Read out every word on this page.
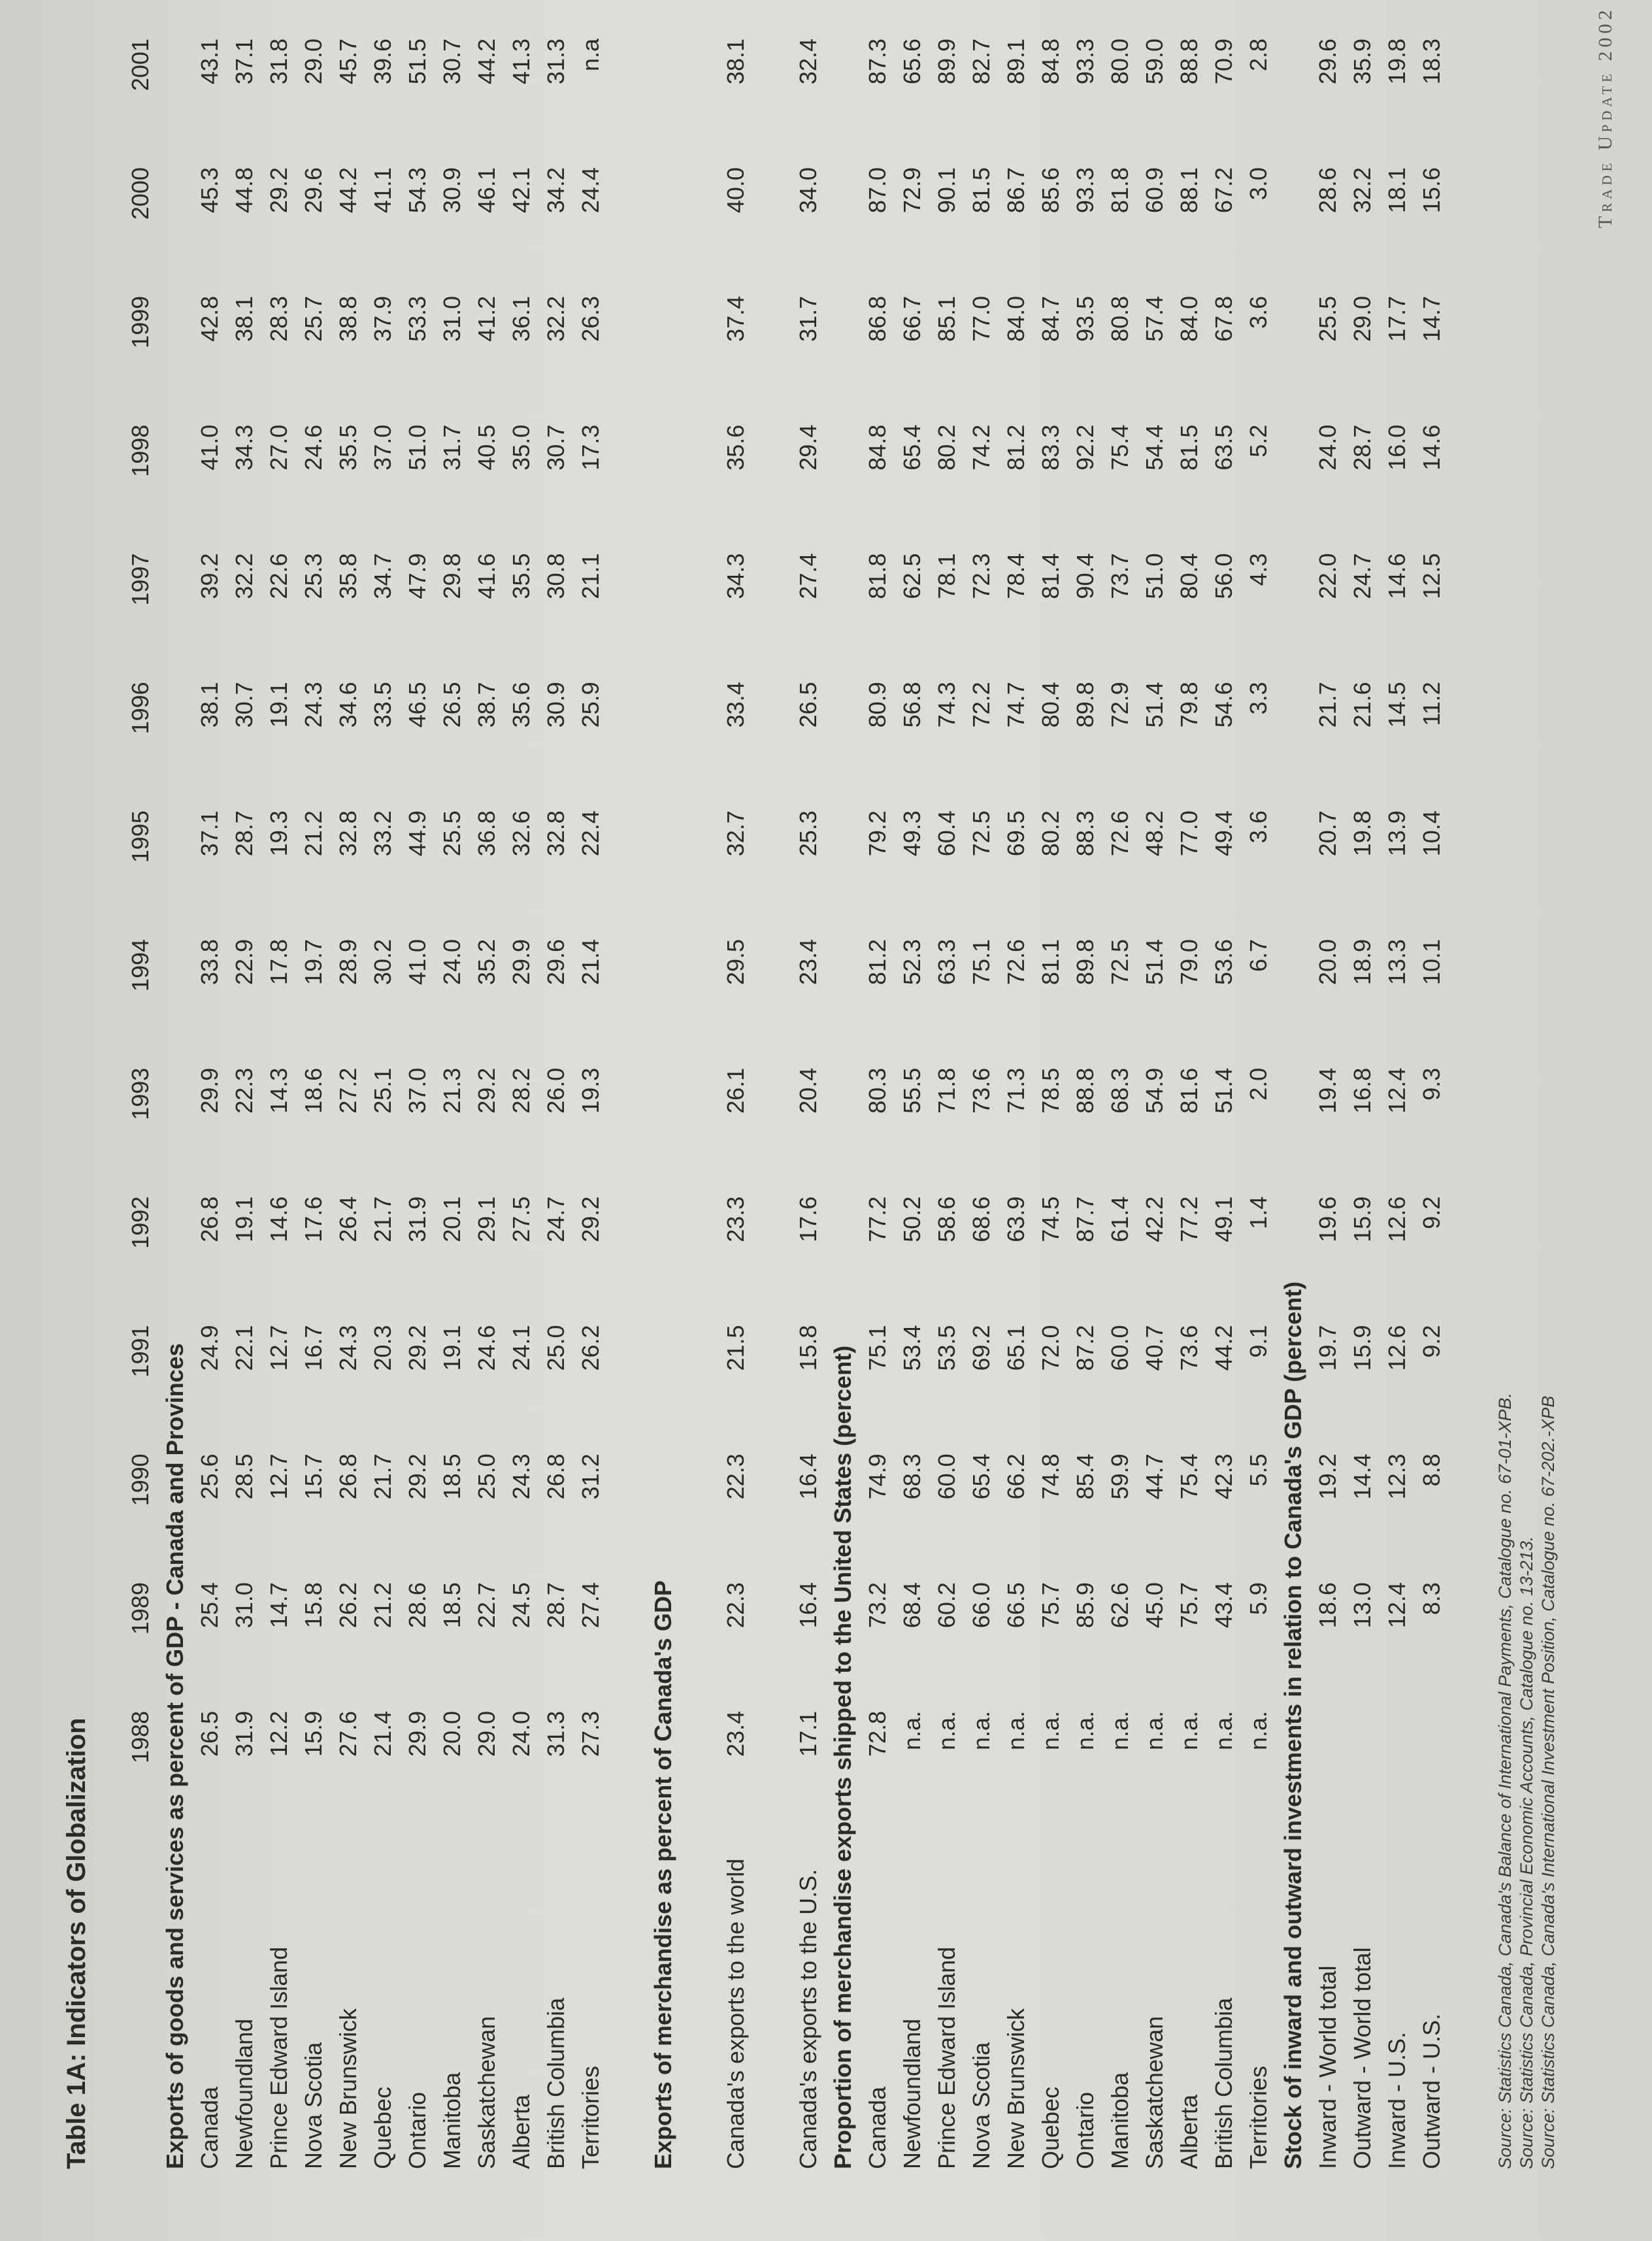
Trade Update 2002
Table 1A: Indicators of Globalization
	1988	1989	1990	1991	1992	1993	1994	1995	1996	1997	1998	1999	2000	2001
Exports of goods and services as percent of GDP - Canada and Provinces														
Canada	26.5	25.4	25.6	24.9	26.8	29.9	33.8	37.1	38.1	39.2	41.0	42.8	45.3	43.1
Newfoundland	31.9	31.0	28.5	22.1	19.1	22.3	22.9	28.7	30.7	32.2	34.3	38.1	44.8	37.1
Prince Edward Island	12.2	14.7	12.7	12.7	14.6	14.3	17.8	19.3	19.1	22.6	27.0	28.3	29.2	31.8
Nova Scotia	15.9	15.8	15.7	16.7	17.6	18.6	19.7	21.2	24.3	25.3	24.6	25.7	29.6	29.0
New Brunswick	27.6	26.2	26.8	24.3	26.4	27.2	28.9	32.8	34.6	35.8	35.5	38.8	44.2	45.7
Quebec	21.4	21.2	21.7	20.3	21.7	25.1	30.2	33.2	33.5	34.7	37.0	37.9	41.1	39.6
Ontario	29.9	28.6	29.2	29.2	31.9	37.0	41.0	44.9	46.5	47.9	51.0	53.3	54.3	51.5
Manitoba	20.0	18.5	18.5	19.1	20.1	21.3	24.0	25.5	26.5	29.8	31.7	31.0	30.9	30.7
Saskatchewan	29.0	22.7	25.0	24.6	29.1	29.2	35.2	36.8	38.7	41.6	40.5	41.2	46.1	44.2
Alberta	24.0	24.5	24.3	24.1	27.5	28.2	29.9	32.6	35.6	35.5	35.0	36.1	42.1	41.3
British Columbia	31.3	28.7	26.8	25.0	24.7	26.0	29.6	32.8	30.9	30.8	30.7	32.2	34.2	31.3
Territories	27.3	27.4	31.2	26.2	29.2	19.3	21.4	22.4	25.9	21.1	17.3	26.3	24.4	n.a

Exports of merchandise as percent of Canada's GDP														

Canada's exports to the world	23.4	22.3	22.3	21.5	23.3	26.1	29.5	32.7	33.4	34.3	35.6	37.4	40.0	38.1

Canada's exports to the U.S.	17.1	16.4	16.4	15.8	17.6	20.4	23.4	25.3	26.5	27.4	29.4	31.7	34.0	32.4
Proportion of merchandise exports shipped to the United States (percent)														
Canada	72.8	73.2	74.9	75.1	77.2	80.3	81.2	79.2	80.9	81.8	84.8	86.8	87.0	87.3
Newfoundland	n.a.	68.4	68.3	53.4	50.2	55.5	52.3	49.3	56.8	62.5	65.4	66.7	72.9	65.6
Prince Edward Island	n.a.	60.2	60.0	53.5	58.6	71.8	63.3	60.4	74.3	78.1	80.2	85.1	90.1	89.9
Nova Scotia	n.a.	66.0	65.4	69.2	68.6	73.6	75.1	72.5	72.2	72.3	74.2	77.0	81.5	82.7
New Brunswick	n.a.	66.5	66.2	65.1	63.9	71.3	72.6	69.5	74.7	78.4	81.2	84.0	86.7	89.1
Quebec	n.a.	75.7	74.8	72.0	74.5	78.5	81.1	80.2	80.4	81.4	83.3	84.7	85.6	84.8
Ontario	n.a.	85.9	85.4	87.2	87.7	88.8	89.8	88.3	89.8	90.4	92.2	93.5	93.3	93.3
Manitoba	n.a.	62.6	59.9	60.0	61.4	68.3	72.5	72.6	72.9	73.7	75.4	80.8	81.8	80.0
Saskatchewan	n.a.	45.0	44.7	40.7	42.2	54.9	51.4	48.2	51.4	51.0	54.4	57.4	60.9	59.0
Alberta	n.a.	75.7	75.4	73.6	77.2	81.6	79.0	77.0	79.8	80.4	81.5	84.0	88.1	88.8
British Columbia	n.a.	43.4	42.3	44.2	49.1	51.4	53.6	49.4	54.6	56.0	63.5	67.8	67.2	70.9
Territories	n.a.	5.9	5.5	9.1	1.4	2.0	6.7	3.6	3.3	4.3	5.2	3.6	3.0	2.8
Stock of inward and outward investments in relation to Canada's GDP (percent)														
Inward - World total		18.6	19.2	19.7	19.6	19.4	20.0	20.7	21.7	22.0	24.0	25.5	28.6	29.6
Outward - World total		13.0	14.4	15.9	15.9	16.8	18.9	19.8	21.6	24.7	28.7	29.0	32.2	35.9
Inward - U.S.		12.4	12.3	12.6	12.6	12.4	13.3	13.9	14.5	14.6	16.0	17.7	18.1	19.8
Outward - U.S.		8.3	8.8	9.2	9.2	9.3	10.1	10.4	11.2	12.5	14.6	14.7	15.6	18.3
Source: Statistics Canada, Canada's Balance of International Payments, Catalogue no. 67-01-XPB. Source: Statistics Canada, Provincial Economic Accounts, Catalogue no. 13-213. Source: Statistics Canada, Canada's International Investment Position, Catalogue no. 67-202.-XPB
